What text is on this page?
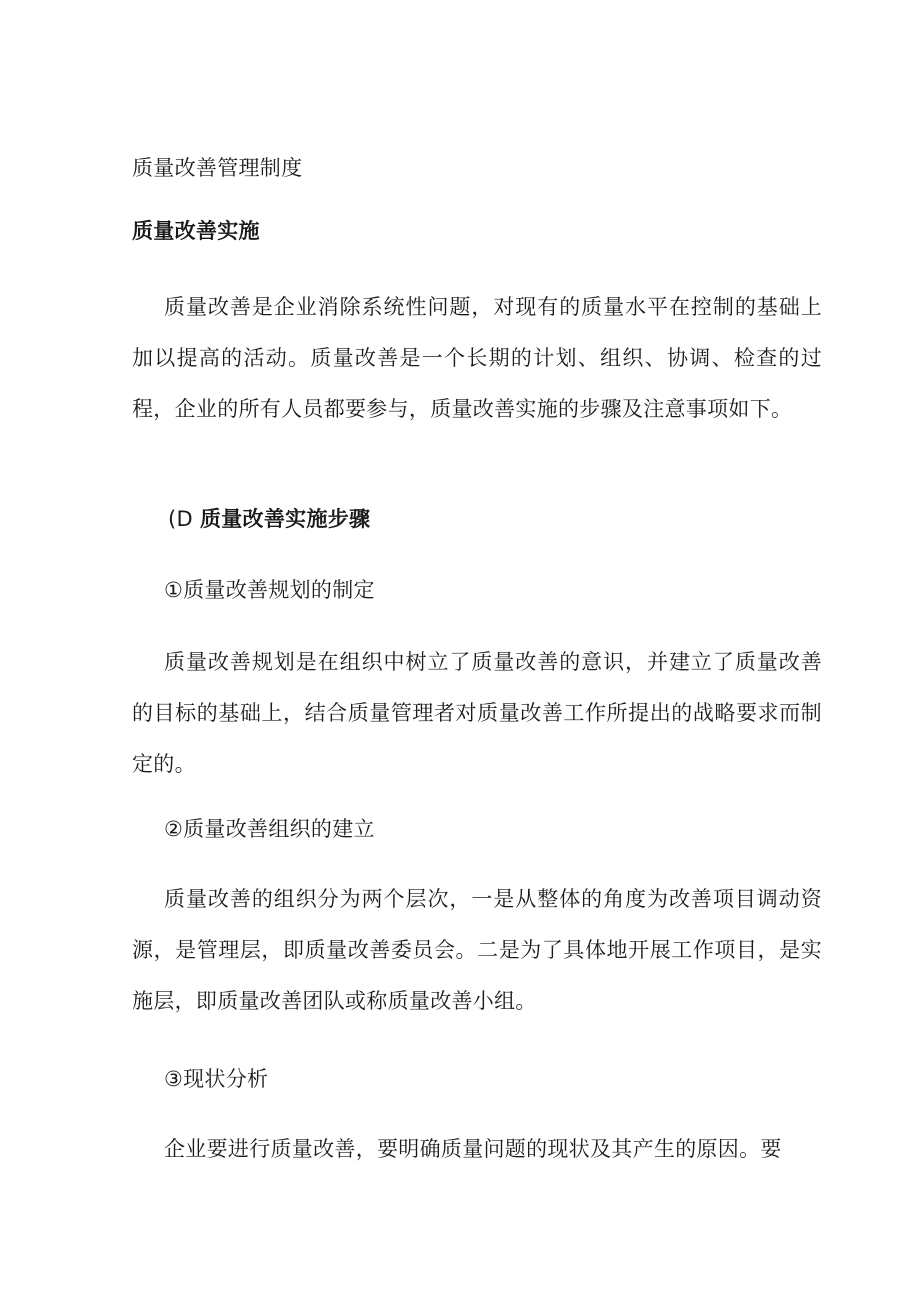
质量改善管理制度
质量改善实施
质量改善是企业消除系统性问题，对现有的质量水平在控制的基础上加以提高的活动。质量改善是一个长期的计划、组织、协调、检查的过程，企业的所有人员都要参与，质量改善实施的步骤及注意事项如下。
(D 质量改善实施步骤
①质量改善规划的制定
质量改善规划是在组织中树立了质量改善的意识，并建立了质量改善的目标的基础上，结合质量管理者对质量改善工作所提出的战略要求而制定的。
②质量改善组织的建立
质量改善的组织分为两个层次，一是从整体的角度为改善项目调动资源，是管理层，即质量改善委员会。二是为了具体地开展工作项目，是实施层，即质量改善团队或称质量改善小组。
③现状分析
企业要进行质量改善，要明确质量问题的现状及其产生的原因。要
